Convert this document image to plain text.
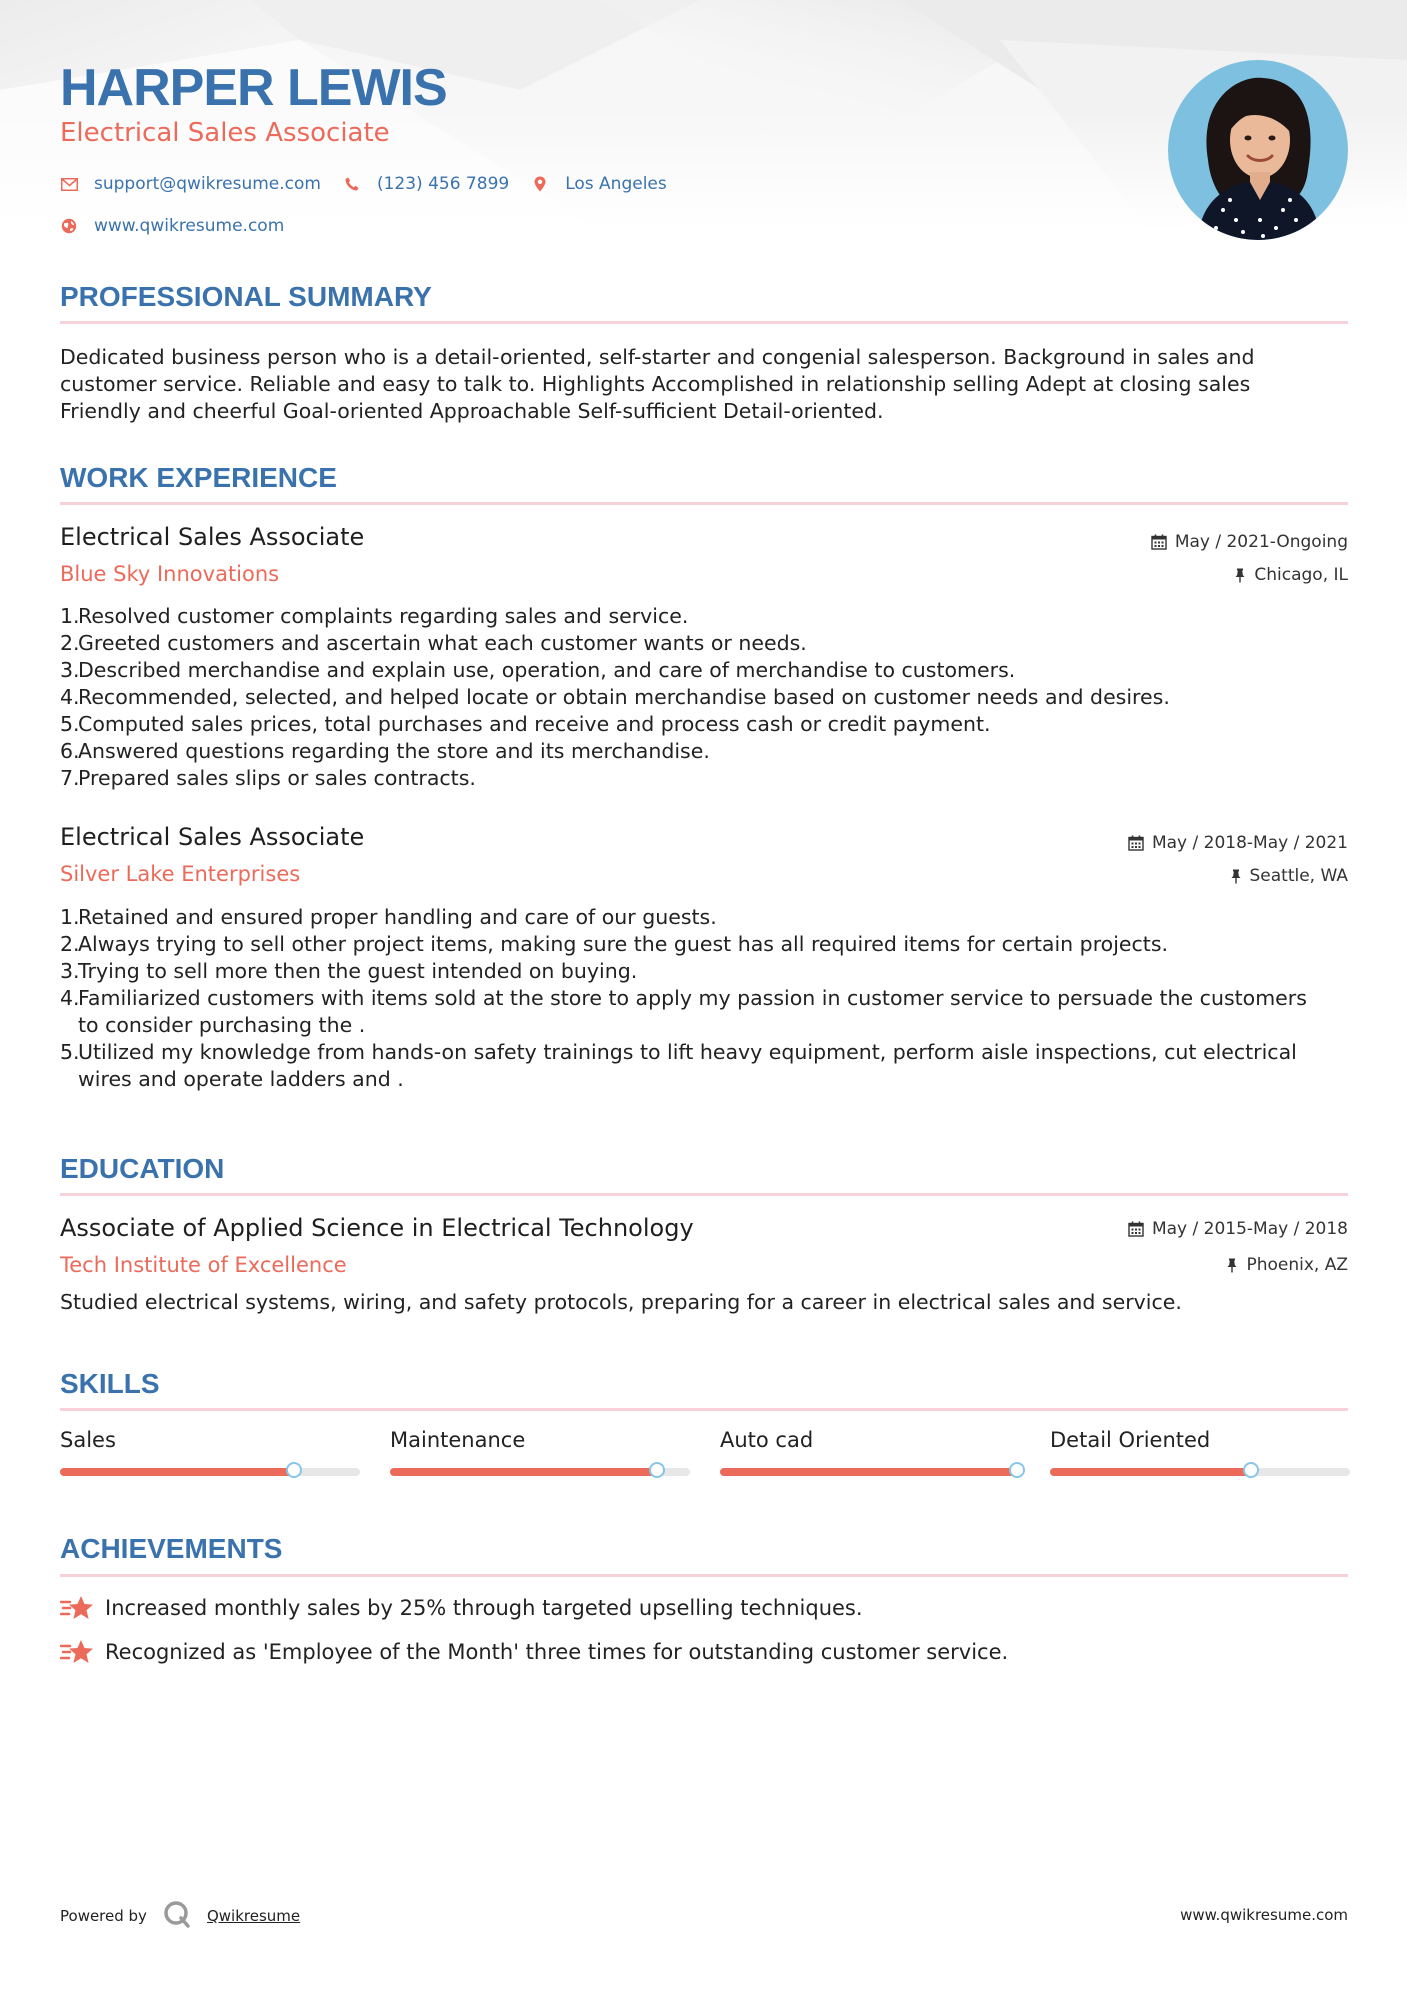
HARPER LEWIS

Electrical Sales Associate

support@qwikresume.com	(123) 456 7899	Los Angeles
www.qwikresume.com
PROFESSIONAL SUMMARY
Dedicated business person who is a detail-oriented, self-starter and congenial salesperson. Background in sales and
customer service. Reliable and easy to talk to. Highlights Accomplished in relationship selling Adept at closing sales
Friendly and cheerful Goal-oriented Approachable Self-sufficient Detail-oriented.
WORK EXPERIENCE

Electrical Sales Associate	May / 2021-Ongoing

Blue Sky Innovations	Chicago, IL
1.
Resolved customer complaints regarding sales and service.
2.
Greeted customers and ascertain what each customer wants or needs.
3.
Described merchandise and explain use, operation, and care of merchandise to customers.
4.
Recommended, selected, and helped locate or obtain merchandise based on customer needs and desires.
5.
Computed sales prices, total purchases and receive and process cash or credit payment.
6.
Answered questions regarding the store and its merchandise.
7.
Prepared sales slips or sales contracts.

Electrical Sales Associate	May / 2018-May / 2021

Silver Lake Enterprises	Seattle, WA
1.
Retained and ensured proper handling and care of our guests.
2.
Always trying to sell other project items, making sure the guest has all required items for certain projects.
3.
Trying to sell more then the guest intended on buying.
4.
Familiarized customers with items sold at the store to apply my passion in customer service to persuade the customers
to consider purchasing the .
5.
Utilized my knowledge from hands-on safety trainings to lift heavy equipment, perform aisle inspections, cut electrical
wires and operate ladders and .
EDUCATION

Associate of Applied Science in Electrical Technology	May / 2015-May / 2018

Tech Institute of Excellence	Phoenix, AZ

Studied electrical systems, wiring, and safety protocols, preparing for a career in electrical sales and service.

SKILLS

Sales	Maintenance	Auto cad	Detail Oriented

ACHIEVEMENTS
Increased monthly sales by 25% through targeted upselling techniques.
Recognized as 'Employee of the Month' three times for outstanding customer service.
Powered by	Qwikresume	www.qwikresume.com
